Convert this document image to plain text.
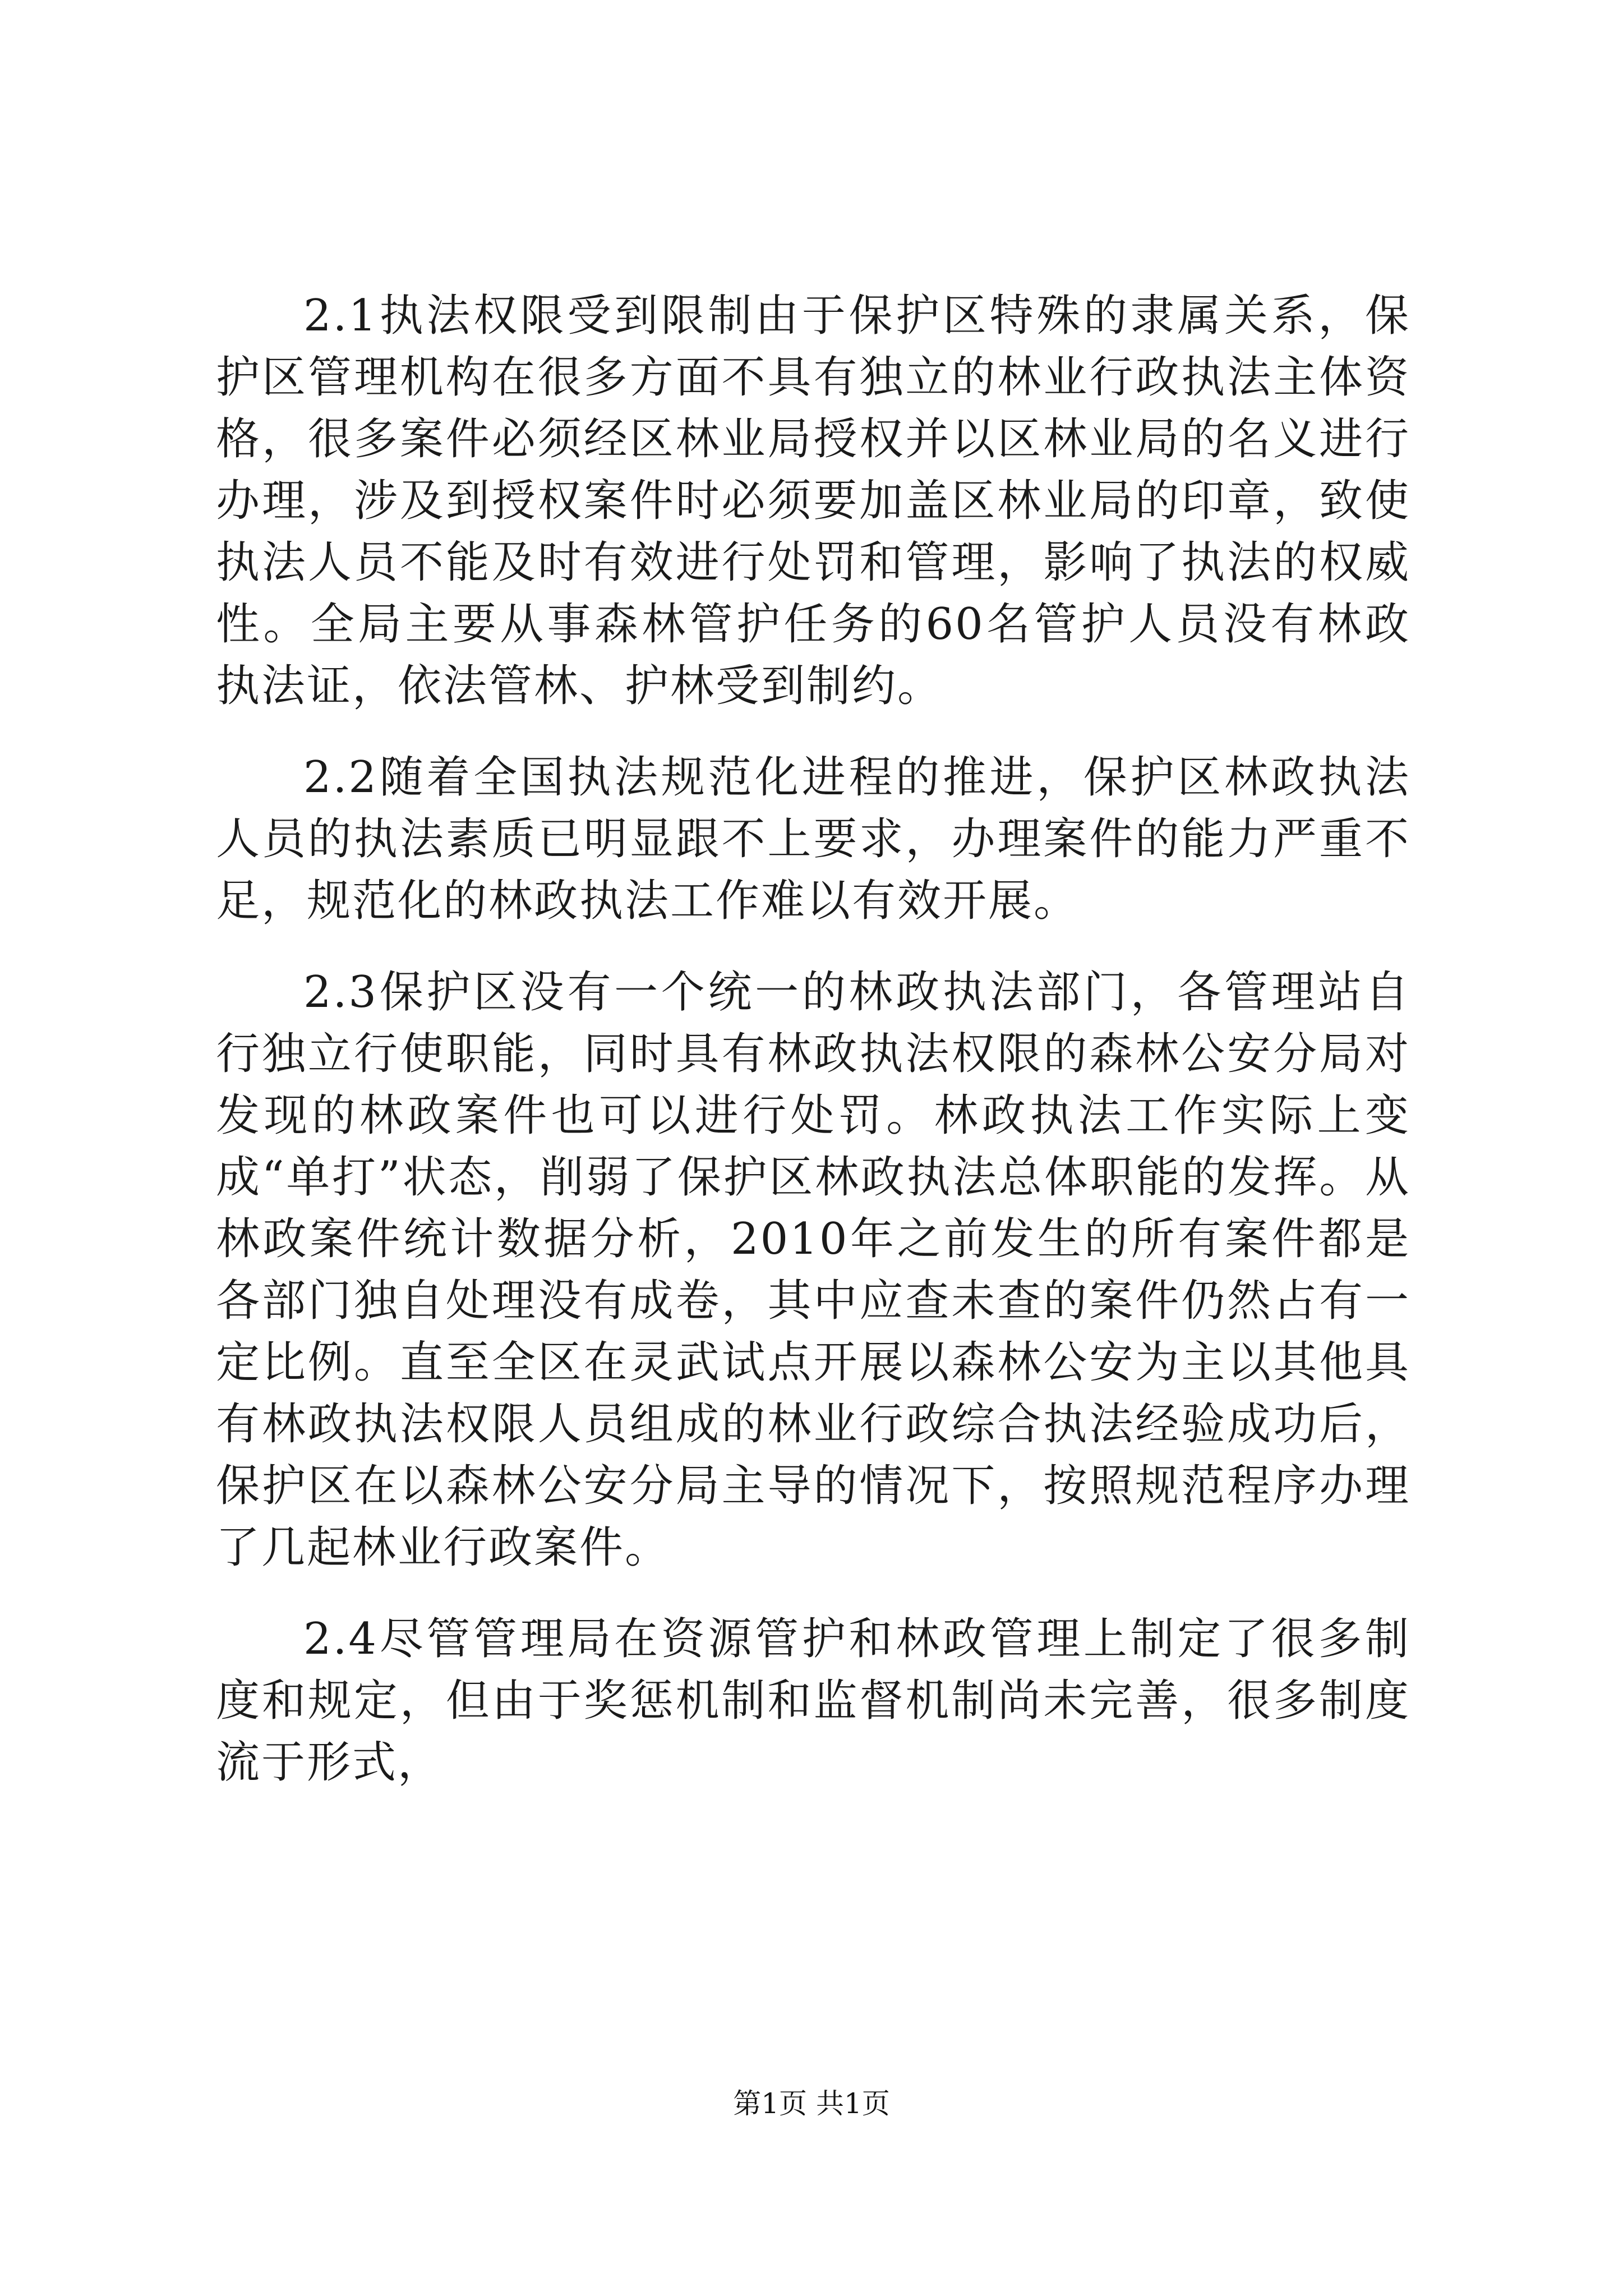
2.1执法权限受到限制由于保护区特殊的隶属关系，保护区管理机构在很多方面不具有独立的林业行政执法主体资格，很多案件必须经区林业局授权并以区林业局的名义进行办理，涉及到授权案件时必须要加盖区林业局的印章，致使执法人员不能及时有效进行处罚和管理，影响了执法的权威性。全局主要从事森林管护任务的60名管护人员没有林政执法证，依法管林、护林受到制约。

2.2随着全国执法规范化进程的推进，保护区林政执法人员的执法素质已明显跟不上要求，办理案件的能力严重不足，规范化的林政执法工作难以有效开展。

2.3保护区没有一个统一的林政执法部门，各管理站自行独立行使职能，同时具有林政执法权限的森林公安分局对发现的林政案件也可以进行处罚。林政执法工作实际上变成“单打”状态，削弱了保护区林政执法总体职能的发挥。从林政案件统计数据分析，2010年之前发生的所有案件都是各部门独自处理没有成卷，其中应查未查的案件仍然占有一定比例。直至全区在灵武试点开展以森林公安为主以其他具有林政执法权限人员组成的林业行政综合执法经验成功后，保护区在以森林公安分局主导的情况下，按照规范程序办理了几起林业行政案件。

2.4尽管管理局在资源管护和林政管理上制定了很多制度和规定，但由于奖惩机制和监督机制尚未完善，很多制度流于形式，

第1页 共1页
